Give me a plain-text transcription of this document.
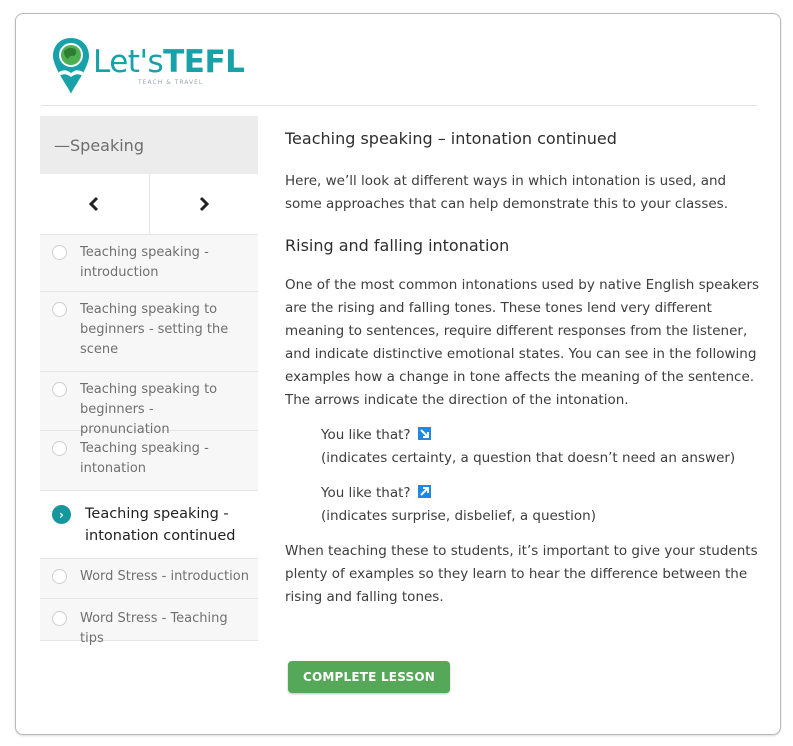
Let'sTEFL
TEACH & TRAVEL
—Speaking
Teaching speaking - introduction
Teaching speaking to beginners - setting the scene
Teaching speaking to beginners - pronunciation
Teaching speaking - intonation
›	Teaching speaking - intonation continued
Word Stress - introduction
Word Stress - Teaching tips
Teaching speaking – intonation continued

Here, we’ll look at different ways in which intonation is used, and some approaches that can help demonstrate this to your classes.

Rising and falling intonation

One of the most common intonations used by native English speakers are the rising and falling tones. These tones lend very different meaning to sentences, require different responses from the listener, and indicate distinctive emotional states. You can see in the following examples how a change in tone affects the meaning of the sentence. The arrows indicate the direction of the intonation.

You like that?
(indicates certainty, a question that doesn’t need an answer)
You like that?
(indicates surprise, disbelief, a question)

When teaching these to students, it’s important to give your students plenty of examples so they learn to hear the difference between the rising and falling tones.

COMPLETE LESSON
